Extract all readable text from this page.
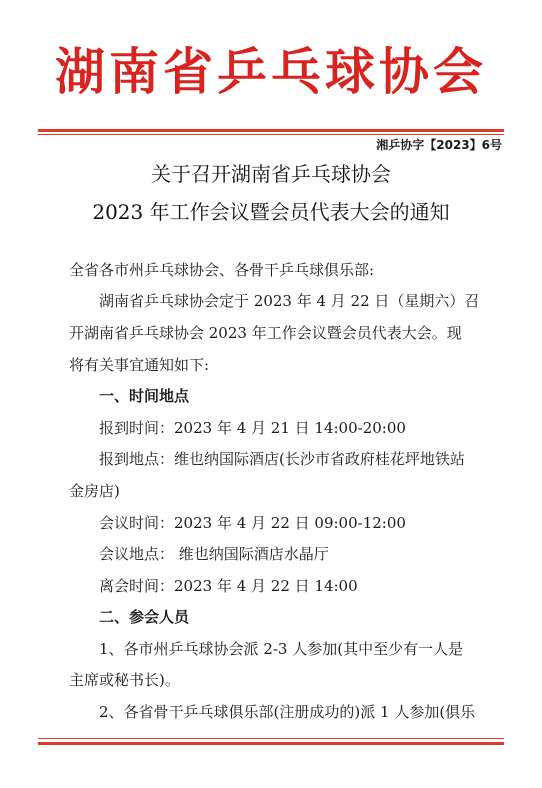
湖南省乒乓球协会
湘乒协字【2023】6号
关于召开湖南省乒乓球协会
2023 年工作会议暨会员代表大会的通知
全省各市州乒乓球协会、各骨干乒乓球俱乐部:
湖南省乒乓球协会定于 2023 年 4 月 22 日（星期六）召
开湖南省乒乓球协会 2023 年工作会议暨会员代表大会。现
将有关事宜通知如下:
一、时间地点
报到时间：2023 年 4 月 21 日 14:00-20:00
报到地点：维也纳国际酒店(长沙市省政府桂花坪地铁站
金房店)
会议时间：2023 年 4 月 22 日 09:00-12:00
会议地点： 维也纳国际酒店水晶厅
离会时间：2023 年 4 月 22 日 14:00
二、参会人员
1、各市州乒乓球协会派 2-3 人参加(其中至少有一人是
主席或秘书长)。
2、各省骨干乒乓球俱乐部(注册成功的)派 1 人参加(俱乐
